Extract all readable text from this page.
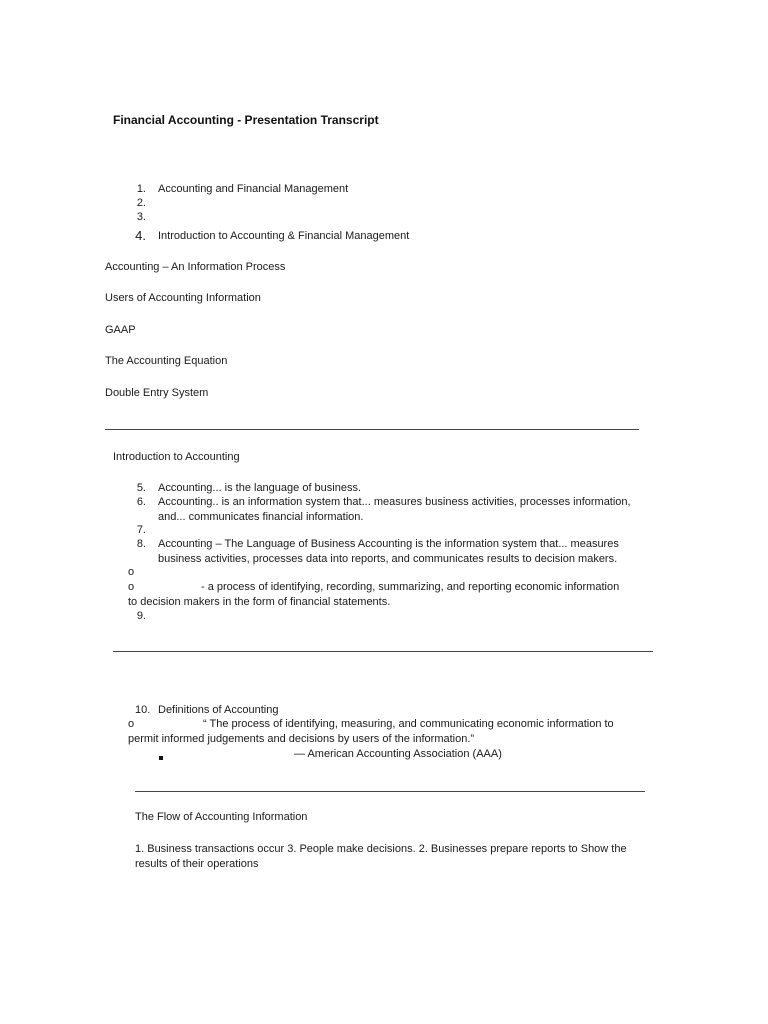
Financial Accounting - Presentation Transcript
1. Accounting and Financial Management
2.
3.
4. Introduction to Accounting & Financial Management
Accounting – An Information Process
Users of Accounting Information
GAAP
The Accounting Equation
Double Entry System
Introduction to Accounting
5. Accounting... is the language of business.
6. Accounting.. is an information system that... measures business activities, processes information,
and... communicates financial information.
7.
8. Accounting – The Language of Business Accounting is the information system that... measures
business activities, processes data into reports, and communicates results to decision makers.
o
o	- a process of identifying, recording, summarizing, and reporting economic information
to decision makers in the form of financial statements.
9.
10. Definitions of Accounting
o	“ The process of identifying, measuring, and communicating economic information to
permit informed judgements and decisions by users of the information.”
— American Accounting Association (AAA)
The Flow of Accounting Information
1. Business transactions occur 3. People make decisions. 2. Businesses prepare reports to Show the
results of their operations
